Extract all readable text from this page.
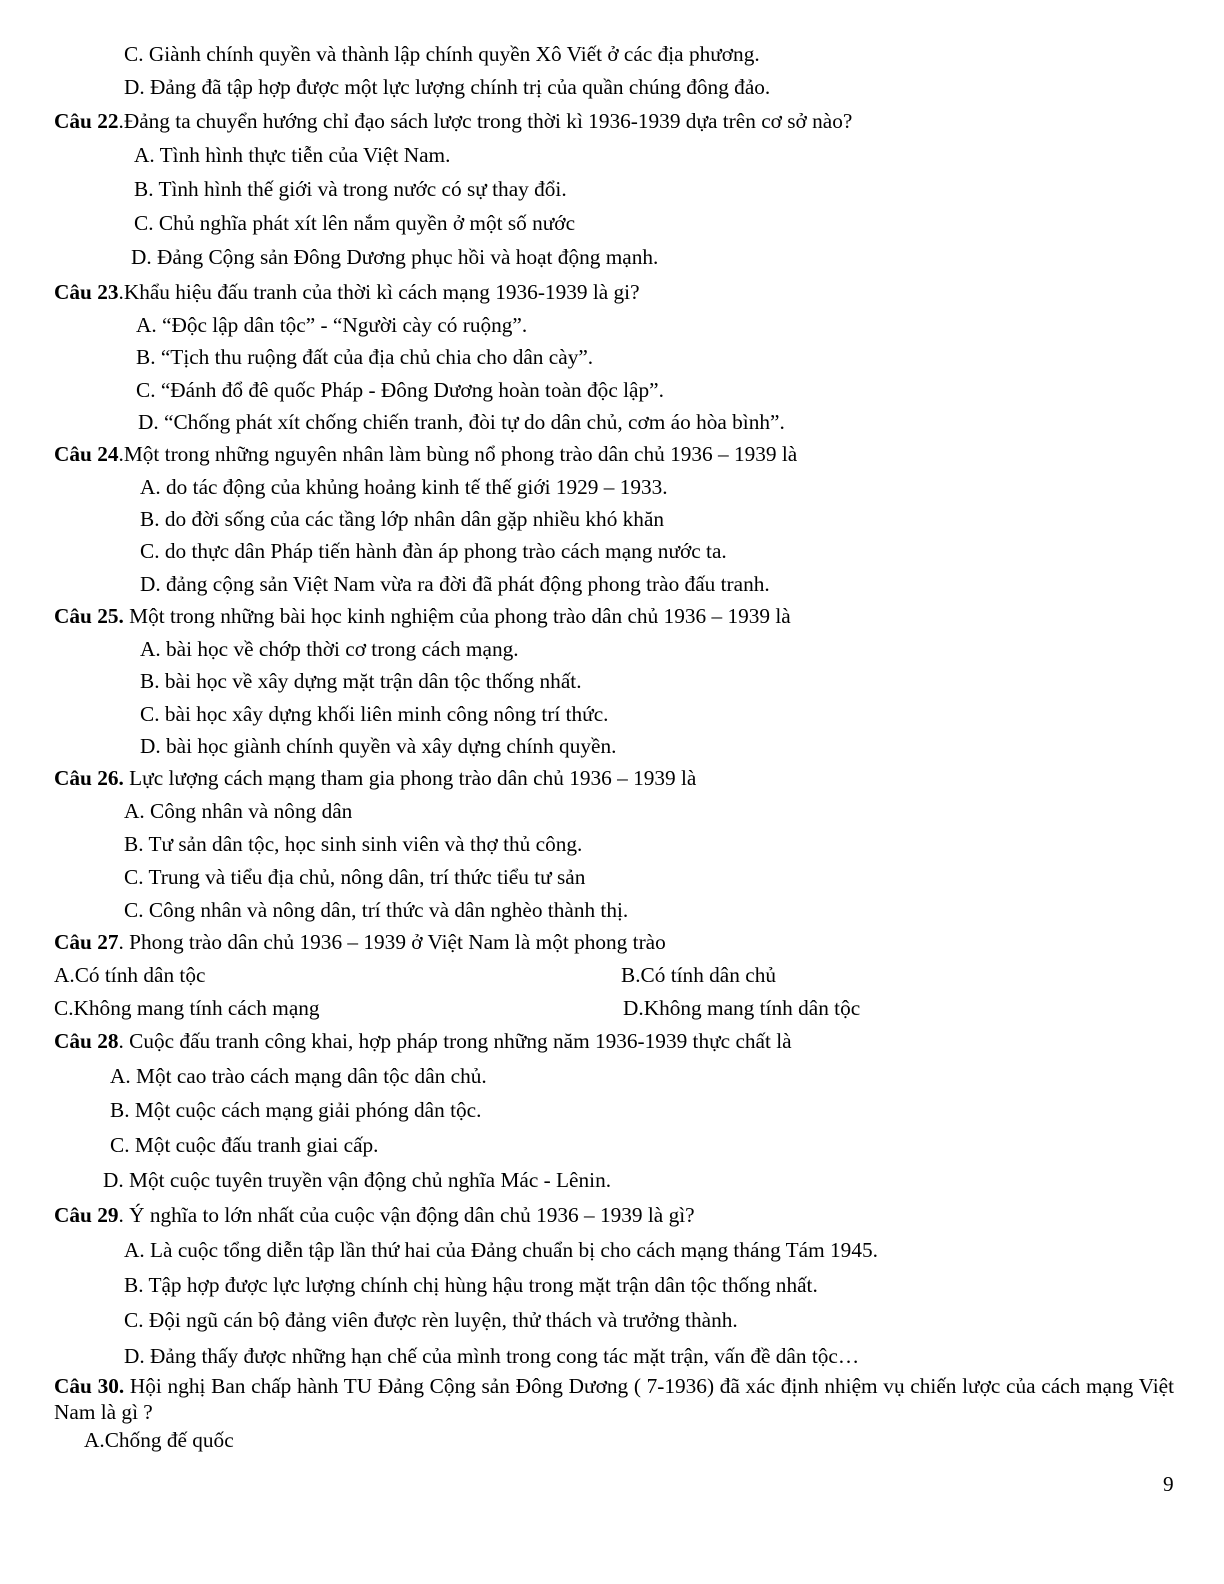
C. Giành chính quyền và thành lập chính quyền Xô Viết ở các địa phương.
D. Đảng đã tập hợp được một lực lượng chính trị của quần chúng đông đảo.
Câu 22.Đảng ta chuyển hướng chỉ đạo sách lược trong thời kì 1936-1939 dựa trên cơ sở nào?
A. Tình hình thực tiễn của Việt Nam.
B. Tình hình thế giới và trong nước có sự thay đổi.
C. Chủ nghĩa phát xít lên nắm quyền ở một số nước
D. Đảng Cộng sản Đông Dương phục hồi và hoạt động mạnh.
Câu 23.Khẩu hiệu đấu tranh của thời kì cách mạng 1936-1939 là gi?
A. “Độc lập dân tộc” - “Người cày có ruộng”.
B. “Tịch thu ruộng đất của địa chủ chia cho dân cày”.
C. “Đánh đổ đê quốc Pháp - Đông Dương hoàn toàn độc lập”.
D. “Chống phát xít chống chiến tranh, đòi tự do dân chủ, cơm áo hòa bình”.
Câu 24.Một trong những nguyên nhân làm bùng nổ phong trào dân chủ 1936 – 1939 là
A. do tác động của khủng hoảng kinh tế thế giới 1929 – 1933.
B. do đời sống của các tầng lớp nhân dân gặp nhiều khó khăn
C. do thực dân Pháp tiến hành đàn áp phong trào cách mạng nước ta.
D. đảng cộng sản Việt Nam vừa ra đời đã phát động phong trào đấu tranh.
Câu 25. Một trong những bài học kinh nghiệm của phong trào dân chủ 1936 – 1939 là
A. bài học về chớp thời cơ trong cách mạng.
B. bài học về xây dựng mặt trận dân tộc thống nhất.
C. bài học xây dựng khối liên minh công nông trí thức.
D. bài học giành chính quyền và xây dựng chính quyền.
Câu 26. Lực lượng cách mạng tham gia phong trào dân chủ 1936 – 1939 là
A. Công nhân và nông dân
B. Tư sản dân tộc, học sinh sinh viên và thợ thủ công.
C. Trung và tiểu địa chủ, nông dân, trí thức tiểu tư sản
C. Công nhân và nông dân, trí thức và dân nghèo thành thị.
Câu 27. Phong trào dân chủ 1936 – 1939 ở Việt Nam là một phong trào
A.Có tính dân tộc	B.Có tính dân chủ
C.Không mang tính cách mạng	D.Không mang tính dân tộc
Câu 28. Cuộc đấu tranh công khai, hợp pháp trong những năm 1936-1939 thực chất là
A. Một cao trào cách mạng dân tộc dân chủ.
B. Một cuộc cách mạng giải phóng dân tộc.
C. Một cuộc đấu tranh giai cấp.
D. Một cuộc tuyên truyền vận động chủ nghĩa Mác - Lênin.
Câu 29. Ý nghĩa to lớn nhất của cuộc vận động dân chủ 1936 – 1939 là gì?
A. Là cuộc tổng diễn tập lần thứ hai của Đảng chuẩn bị cho cách mạng tháng Tám 1945.
B. Tập hợp được lực lượng chính chị hùng hậu trong mặt trận dân tộc thống nhất.
C. Đội ngũ cán bộ đảng viên được rèn luyện, thử thách và trưởng thành.
D. Đảng thấy được những hạn chế của mình trong cong tác mặt trận, vấn đề dân tộc…
Câu 30. Hội nghị Ban chấp hành TU Đảng Cộng sản Đông Dương ( 7-1936) đã xác định nhiệm vụ chiến lược của cách mạng Việt Nam là gì ?
A.Chống đế quốc
9
